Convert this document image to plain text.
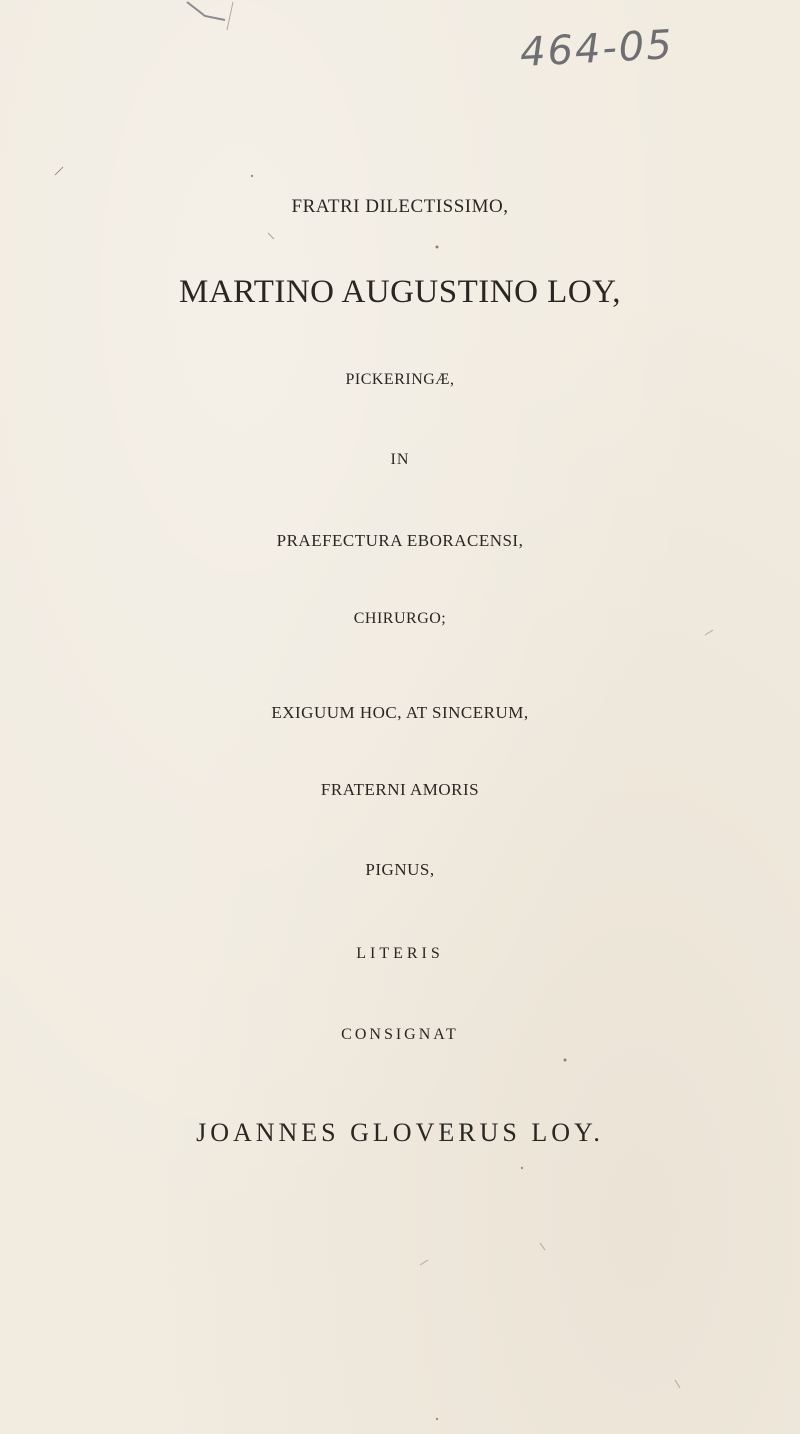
464-05
FRATRI DILECTISSIMO,
MARTINO AUGUSTINO LOY,
PICKERINGÆ,
IN
PRAEFECTURA EBORACENSI,
CHIRURGO;
EXIGUUM HOC, AT SINCERUM,
FRATERNI AMORIS
PIGNUS,
LITERIS
CONSIGNAT
JOANNES GLOVERUS LOY.
